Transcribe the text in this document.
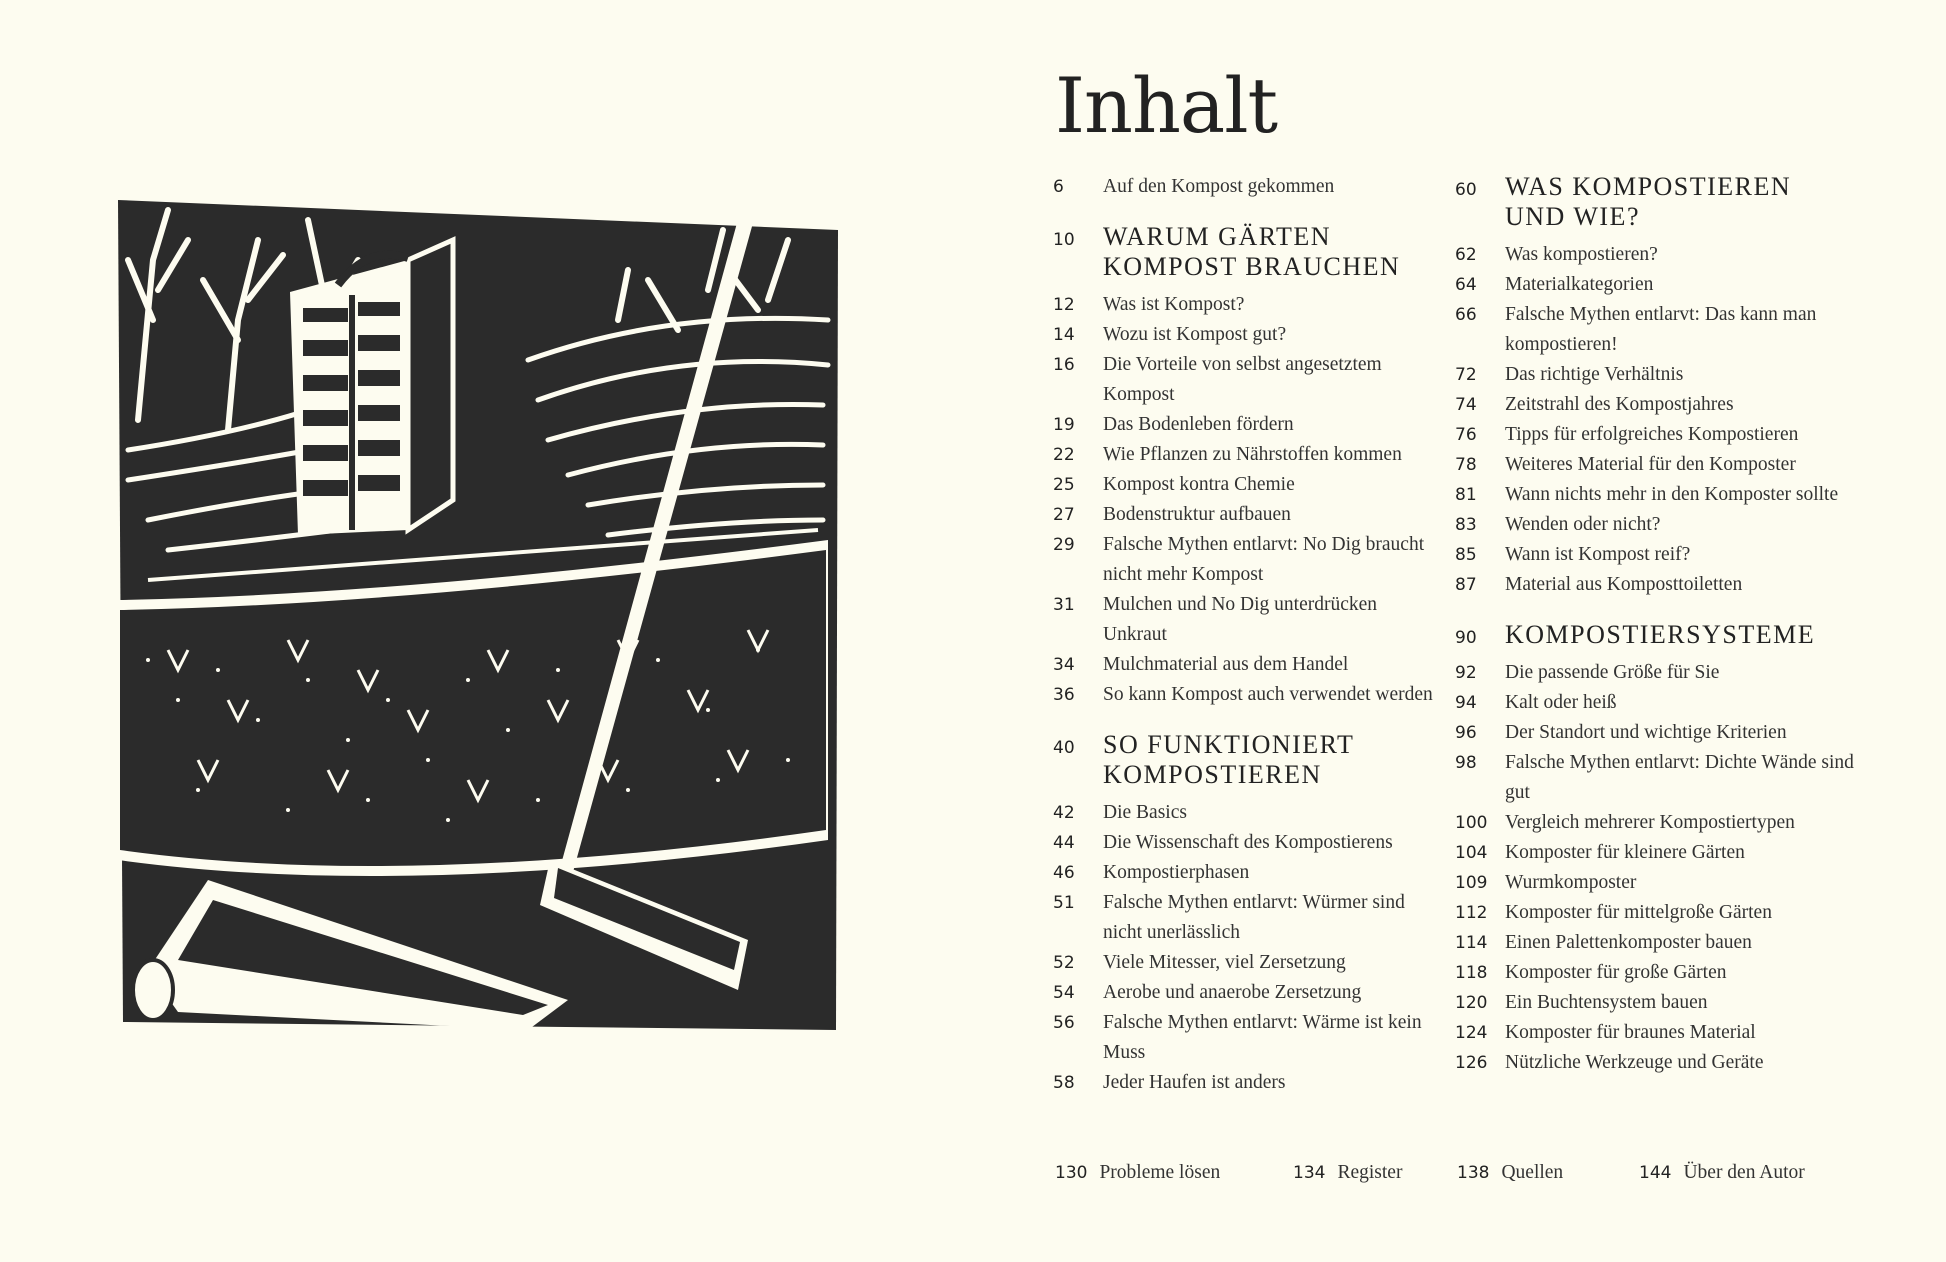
Inhalt
6	Auf den Kompost gekommen
10	WARUM GÄRTEN KOMPOST BRAUCHEN
12	Was ist Kompost?
14	Wozu ist Kompost gut?
16	Die Vorteile von selbst angesetztem Kompost
19	Das Bodenleben fördern
22	Wie Pflanzen zu Nährstoffen kommen
25	Kompost kontra Chemie
27	Bodenstruktur aufbauen
29	Falsche Mythen entlarvt: No Dig braucht nicht mehr Kompost
31	Mulchen und No Dig unterdrücken Unkraut
34	Mulchmaterial aus dem Handel
36	So kann Kompost auch verwendet werden
40	SO FUNKTIONIERT KOMPOSTIEREN
42	Die Basics
44	Die Wissenschaft des Kompostierens
46	Kompostierphasen
51	Falsche Mythen entlarvt: Würmer sind nicht unerlässlich
52	Viele Mitesser, viel Zersetzung
54	Aerobe und anaerobe Zersetzung
56	Falsche Mythen entlarvt: Wärme ist kein Muss
58	Jeder Haufen ist anders
60	WAS KOMPOSTIEREN UND WIE?
62	Was kompostieren?
64	Materialkategorien
66	Falsche Mythen entlarvt: Das kann man kompostieren!
72	Das richtige Verhältnis
74	Zeitstrahl des Kompostjahres
76	Tipps für erfolgreiches Kompostieren
78	Weiteres Material für den Komposter
81	Wann nichts mehr in den Komposter sollte
83	Wenden oder nicht?
85	Wann ist Kompost reif?
87	Material aus Komposttoiletten
90	KOMPOSTIERSYSTEME
92	Die passende Größe für Sie
94	Kalt oder heiß
96	Der Standort und wichtige Kriterien
98	Falsche Mythen entlarvt: Dichte Wände sind gut
100 Vergleich mehrerer Kompostiertypen
104 Komposter für kleinere Gärten
109 Wurmkomposter
112 Komposter für mittelgroße Gärten
114 Einen Palettenkomposter bauen
118 Komposter für große Gärten
120 Ein Buchtensystem bauen
124 Komposter für braunes Material
126 Nützliche Werkzeuge und Geräte
130 Probleme lösen	134 Register	138 Quellen	144 Über den Autor
